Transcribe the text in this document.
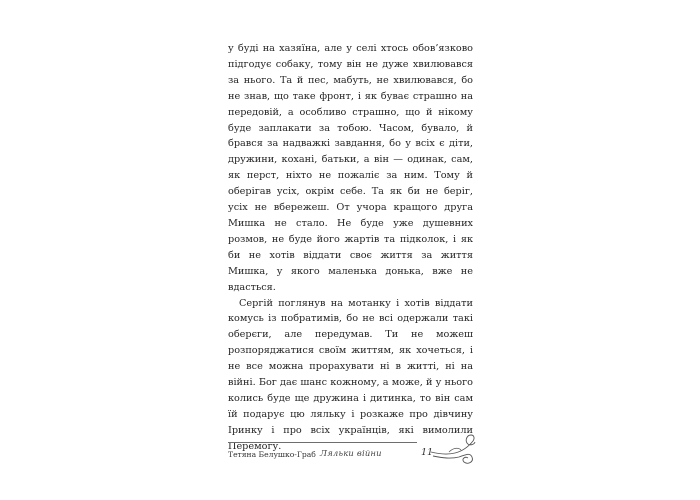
у буді на хазяїна, але у селі хтось обов’язково підгодує собаку, тому він не дуже хвилювався за нього. Та й пес, мабуть, не хвилювався, бо не знав, що таке фронт, і як буває страшно на передовій, а особливо страшно, що й нікому буде заплакати за тобою. Часом, бувало, й брався за надважкі завдання, бо у всіх є діти, дружини, кохані, батьки, а він — одинак, сам, як перст, ніхто не пожаліє за ним. Тому й оберігав усіх, окрім себе. Та як би не беріг, усіх не вбережеш. От учора кращого друга Мишка не стало. Не буде уже душевних розмов, не буде його жартів та підколок, і як би не хотів віддати своє життя за життя Мишка, у якого маленька донька, вже не вдасться.

Сергій поглянув на мотанку і хотів віддати комусь із побратимів, бо не всі одержали такі оберєги, але передумав. Ти не можеш розпоряджатися своїм життям, як хочеться, і не все можна прорахувати ні в житті, ні на війні. Бог дає шанс кожному, а може, й у нього колись буде ще дружина і дитинка, то він сам їй подарує цю ляльку і розкаже про дівчину Іринку і про всіх українців, які вимолили Перемогу.

Тетяна Белушко-Граб Ляльки війни	11
